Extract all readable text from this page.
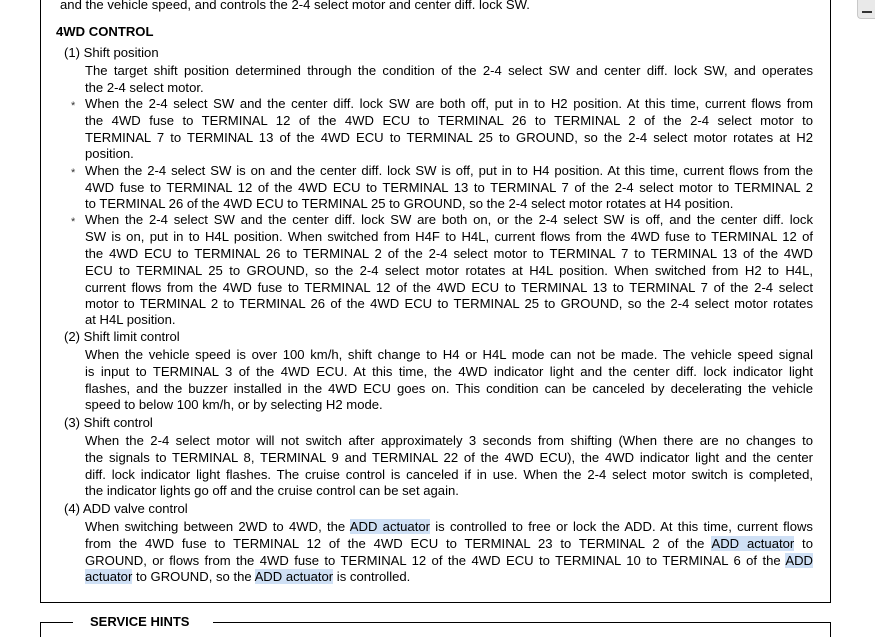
and the vehicle speed, and controls the 2-4 select motor and center diff. lock SW.
4WD CONTROL
(1) Shift position
The target shift position determined through the condition of the 2-4 select SW and center diff. lock SW, and operates
the 2-4 select motor.
* When the 2-4 select SW and the center diff. lock SW are both off, put in to H2 position. At this time, current flows from
the 4WD fuse to TERMINAL 12 of the 4WD ECU to TERMINAL 26 to TERMINAL 2 of the 2-4 select motor to
TERMINAL 7 to TERMINAL 13 of the 4WD ECU to TERMINAL 25 to GROUND, so the 2-4 select motor rotates at H2
position.
* When the 2-4 select SW is on and the center diff. lock SW is off, put in to H4 position. At this time, current flows from the
4WD fuse to TERMINAL 12 of the 4WD ECU to TERMINAL 13 to TERMINAL 7 of the 2-4 select motor to TERMINAL 2
to TERMINAL 26 of the 4WD ECU to TERMINAL 25 to GROUND, so the 2-4 select motor rotates at H4 position.
* When the 2-4 select SW and the center diff. lock SW are both on, or the 2-4 select SW is off, and the center diff. lock
SW is on, put in to H4L position. When switched from H4F to H4L, current flows from the 4WD fuse to TERMINAL 12 of
the 4WD ECU to TERMINAL 26 to TERMINAL 2 of the 2-4 select motor to TERMINAL 7 to TERMINAL 13 of the 4WD
ECU to TERMINAL 25 to GROUND, so the 2-4 select motor rotates at H4L position. When switched from H2 to H4L,
current flows from the 4WD fuse to TERMINAL 12 of the 4WD ECU to TERMINAL 13 to TERMINAL 7 of the 2-4 select
motor to TERMINAL 2 to TERMINAL 26 of the 4WD ECU to TERMINAL 25 to GROUND, so the 2-4 select motor rotates
at H4L position.
(2) Shift limit control
When the vehicle speed is over 100 km/h, shift change to H4 or H4L mode can not be made. The vehicle speed signal
is input to TERMINAL 3 of the 4WD ECU. At this time, the 4WD indicator light and the center diff. lock indicator light
flashes, and the buzzer installed in the 4WD ECU goes on. This condition can be canceled by decelerating the vehicle
speed to below 100 km/h, or by selecting H2 mode.
(3) Shift control
When the 2-4 select motor will not switch after approximately 3 seconds from shifting (When there are no changes to
the signals to TERMINAL 8, TERMINAL 9 and TERMINAL 22 of the 4WD ECU), the 4WD indicator light and the center
diff. lock indicator light flashes. The cruise control is canceled if in use. When the 2-4 select motor switch is completed,
the indicator lights go off and the cruise control can be set again.
(4) ADD valve control
When switching between 2WD to 4WD, the ADD actuator is controlled to free or lock the ADD. At this time, current flows
from the 4WD fuse to TERMINAL 12 of the 4WD ECU to TERMINAL 23 to TERMINAL 2 of the ADD actuator to
GROUND, or flows from the 4WD fuse to TERMINAL 12 of the 4WD ECU to TERMINAL 10 to TERMINAL 6 of the ADD
actuator to GROUND, so the ADD actuator is controlled.
SERVICE HINTS
